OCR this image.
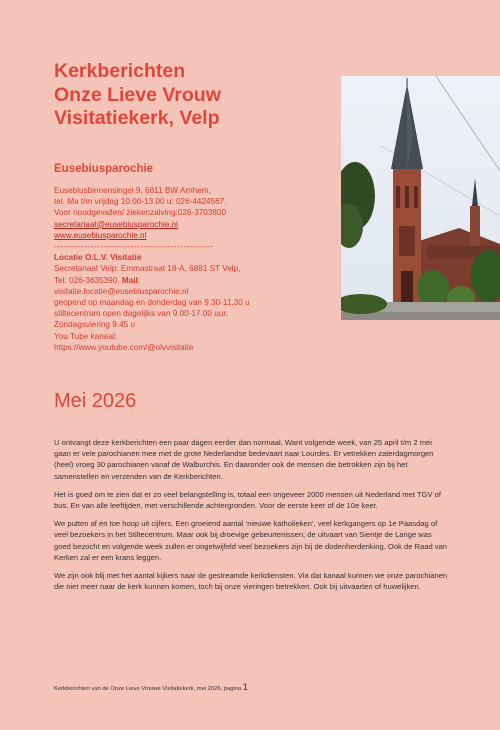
Kerkberichten
Onze Lieve Vrouw
Visitatiekerk, Velp
Eusebiusparochie
Eusebiusbinnensingel 9, 6811 BW Arnhem,
tel. Ma t/m vrijdag 10.00-13.00 u: 026-4424567.
Voor noodgevallen/ ziekenzalving:026-3703800
secretariaat@eusebiusparochie.nl
www.eusebiusparochie.nl
------------------------------------------------
Locatie O.L.V. Visitatie
Secretariaat Velp: Emmastraat 18-A, 6881 ST Velp,
Tel: 026-3635390. Mail:
visitatie.locatie@eusebiusparochie.nl
geopend op maandag en donderdag van 9.30-11.30 u
stiltecentrum open dagelijks van 9.00-17.00 uur.
Zondagsviering 9.45 u
You Tube kanaal:
https://www.youtube.com/@olvvisitatie
Mei 2026

U ontvangt deze kerkberichten een paar dagen eerder dan normaal. Want volgende week, van 25 april t/m 2 mei gaan er vele parochianen mee met de grote Nederlandse bedevaart naar Lourdes. Er vetrekken zaterdagmorgen (heel) vroeg 30 parochianen vanaf de Walburchis. En daaronder ook de mensen die betrokken zijn bij het samenstellen en verzenden van de Kerkberichten.

Het is goed om te zien dat er zo veel belangstelling is, totaal een ongeveer 2000 mensen uit Nederland met TGV of bus. En van alle leeftijden, met verschillende achtergronden. Voor de eerste keer of de 10e keer.

We putten af en toe hoop uit cijfers. Een groeiend aantal ‘nieuwe katholieken’, veel kerkgangers op 1e Paasdag of veel bezoekers in het Stiltecentrum. Maar ook bij droevige gebeurtenissen; de uitvaart van Sientje de Lange was goed bezocht en volgende week zullen er ongetwijfeld veel bezoekers zijn bij de dodenherdenking. Ook de Raad van Kerken zal er een krans leggen.

We zijn ook blij met het aantal kijkers naar de gestreamde kerkdiensten. Via dat kanaal kunnen we onze parochianen die niet meer naar de kerk kunnen komen, toch bij onze vieringen betrekken. Ook bij uitvaarten of huwelijken.

Kerkberichten van de Onze Lieve Vrouwe Visitatiekerk, mei 2026, pagina 1
